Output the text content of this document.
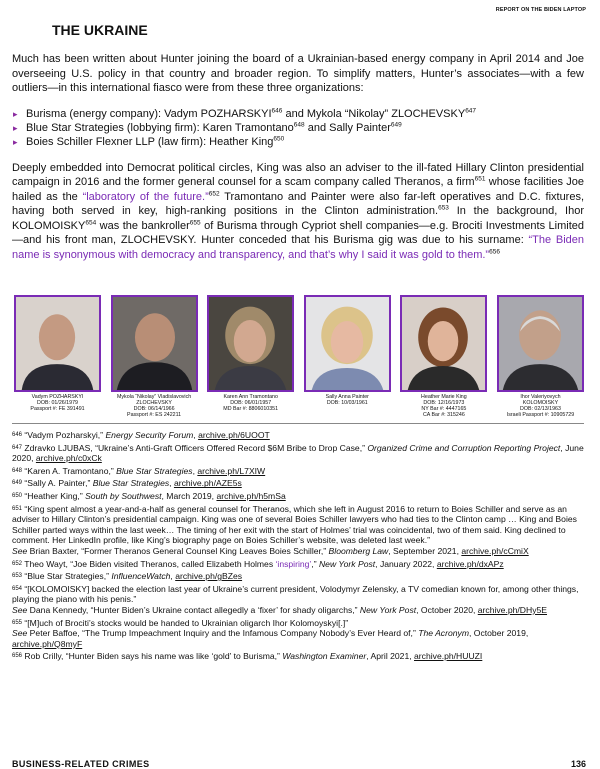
REPORT ON THE BIDEN LAPTOP
THE UKRAINE

Much has been written about Hunter joining the board of a Ukrainian-based energy company in April 2014 and Joe overseeing U.S. policy in that country and broader region. To simplify matters, Hunter’s associates—with a few outliers—in this international fiasco were from these three organizations:

▸ Burisma (energy company): Vadym POZHARSKYI$^{646}$ and Mykola “Nikolay” ZLOCHEVSKY$^{647}$
▸ Blue Star Strategies (lobbying firm): Karen Tramontano$^{648}$ and Sally Painter$^{649}$
▸ Boies Schiller Flexner LLP (law firm): Heather King$^{650}$

Deeply embedded into Democrat political circles, King was also an adviser to the ill-fated Hillary Clinton presidential campaign in 2016 and the former general counsel for a scam company called Theranos, a firm$^{651}$ whose facilities Joe hailed as the “laboratory of the future.”$^{652}$ Tramontano and Painter were also far-left operatives and D.C. fixtures, having both served in key, high-ranking positions in the Clinton administration.$^{653}$ In the background, Ihor KOLOMOISKY$^{654}$ was the bankroller$^{655}$ of Burisma through Cypriot shell companies—e.g. Brociti Investments Limited—and his front man, ZLOCHEVSKY. Hunter conceded that his Burisma gig was due to his surname: “The Biden name is synonymous with democracy and transparency, and that’s why I said it was gold to them.”$^{656}$

Vadym POZHARSKYI
DOB: 01/26/1979
Passport #: FE 391491
Mykola “Nikolay” Vladislavovich
ZLOCHEVSKY
DOB: 06/14/1966
Passport #: ES 242211
Karen Ann Tramontano
DOB: 06/01/1957
MD Bar #: 8806010351
Sally Anna Painter
DOB: 10/03/1961
Heather Marie King
DOB: 12/16/1973
NY Bar #: 4447165
CA Bar #: 315246
Ihor Valeriyovych
KOLOMOISKY
DOB: 02/13/1963
Israeli Passport #: 10905729

$^{646}$ “Vadym Pozharskyi,” Energy Security Forum, archive.ph/6UOOT

$^{647}$ Zdravko LJUBAS, “Ukraine’s Anti-Graft Officers Offered Record $6M Bribe to Drop Case,” Organized Crime and Corruption Reporting Project, June 2020, archive.ph/c0xCk

$^{648}$ “Karen A. Tramontano,” Blue Star Strategies, archive.ph/L7XIW

$^{649}$ “Sally A. Painter,” Blue Star Strategies, archive.ph/AZE5s

$^{650}$ “Heather King,” South by Southwest, March 2019, archive.ph/h5mSa

$^{651}$ “King spent almost a year-and-a-half as general counsel for Theranos, which she left in August 2016 to return to Boies Schiller and serve as an adviser to Hillary Clinton’s presidential campaign. King was one of several Boies Schiller lawyers who had ties to the Clinton camp … King and Boies Schiller parted ways within the last week… The timing of her exit with the start of Holmes’ trial was coincidental, two of them said. King declined to comment. Her LinkedIn profile, like King’s biography page on Boies Schiller’s website, was deleted last week.”
See Brian Baxter, “Former Theranos General Counsel King Leaves Boies Schiller,” Bloomberg Law, September 2021, archive.ph/cCmiX

$^{652}$ Theo Wayt, “Joe Biden visited Theranos, called Elizabeth Holmes ‘inspiring’,” New York Post, January 2022, archive.ph/dxAPz

$^{653}$ “Blue Star Strategies,” InfluenceWatch, archive.ph/gBZes

$^{654}$ “[KOLOMOISKY] backed the election last year of Ukraine’s current president, Volodymyr Zelensky, a TV comedian known for, among other things, playing the piano with his penis.”
See Dana Kennedy, “Hunter Biden’s Ukraine contact allegedly a ‘fixer’ for shady oligarchs,” New York Post, October 2020, archive.ph/DHy5E

$^{655}$ “[M]uch of Brociti’s stocks would be handed to Ukrainian oligarch Ihor Kolomoyskyi[.]”
See Peter Baffoe, “The Trump Impeachment Inquiry and the Infamous Company Nobody’s Ever Heard of,” The Acronym, October 2019, archive.ph/Q8myF

$^{656}$ Rob Crilly, “Hunter Biden says his name was like ‘gold’ to Burisma,” Washington Examiner, April 2021, archive.ph/HUUZI

BUSINESS-RELATED CRIMES	136
